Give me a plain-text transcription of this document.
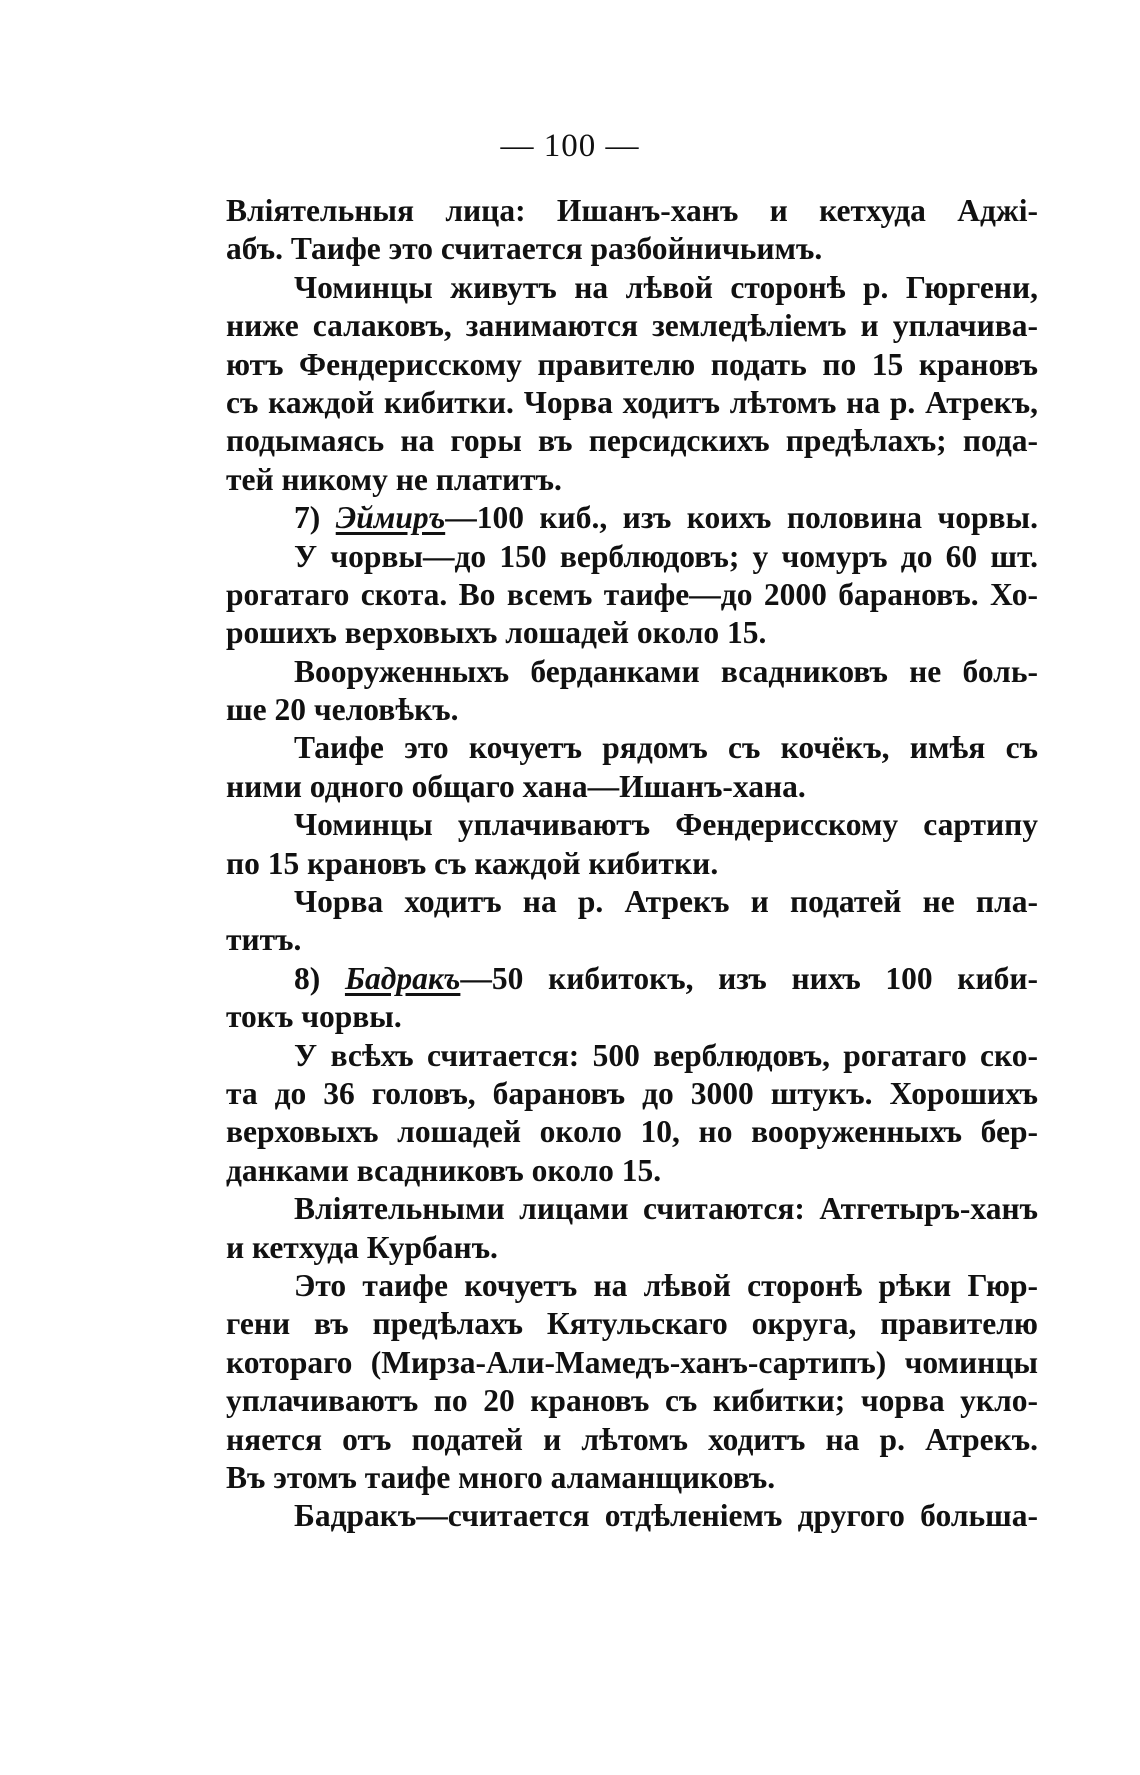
— 100 —
Вліятельныя лица: Ишанъ-ханъ и кетхуда Аджі-
абъ. Таифе это считается разбойничьимъ.
Чоминцы живутъ на лѣвой сторонѣ р. Гюргени,
ниже салаковъ, занимаются земледѣліемъ и уплачива-
ютъ Фендерисскому правителю подать по 15 крановъ
съ каждой кибитки. Чорва ходитъ лѣтомъ на р. Атрекъ,
подымаясь на горы въ персидскихъ предѣлахъ; пода-
тей никому не платитъ.
7) Эймиръ—100 киб., изъ коихъ половина чорвы.
У чорвы—до 150 верблюдовъ; у чомуръ до 60 шт.
рогатаго скота. Во всемъ таифе—до 2000 барановъ. Хо-
рошихъ верховыхъ лошадей около 15.
Вооруженныхъ берданками всадниковъ не боль-
ше 20 человѣкъ.
Таифе это кочуетъ рядомъ съ кочёкъ, имѣя съ
ними одного общаго хана—Ишанъ-хана.
Чоминцы уплачиваютъ Фендерисскому сартипу
по 15 крановъ съ каждой кибитки.
Чорва ходитъ на р. Атрекъ и податей не пла-
титъ.
8) Бадракъ—50 кибитокъ, изъ нихъ 100 киби-
токъ чорвы.
У всѣхъ считается: 500 верблюдовъ, рогатаго ско-
та до 36 головъ, барановъ до 3000 штукъ. Хорошихъ
верховыхъ лошадей около 10, но вооруженныхъ бер-
данками всадниковъ около 15.
Вліятельными лицами считаются: Атгетыръ-ханъ
и кетхуда Курбанъ.
Это таифе кочуетъ на лѣвой сторонѣ рѣки Гюр-
гени въ предѣлахъ Кятульскаго округа, правителю
котораго (Мирза-Али-Мамедъ-ханъ-сартипъ) чоминцы
уплачиваютъ по 20 крановъ съ кибитки; чорва укло-
няется отъ податей и лѣтомъ ходитъ на р. Атрекъ.
Въ этомъ таифе много аламанщиковъ.
Бадракъ—считается отдѣленіемъ другого больша-
